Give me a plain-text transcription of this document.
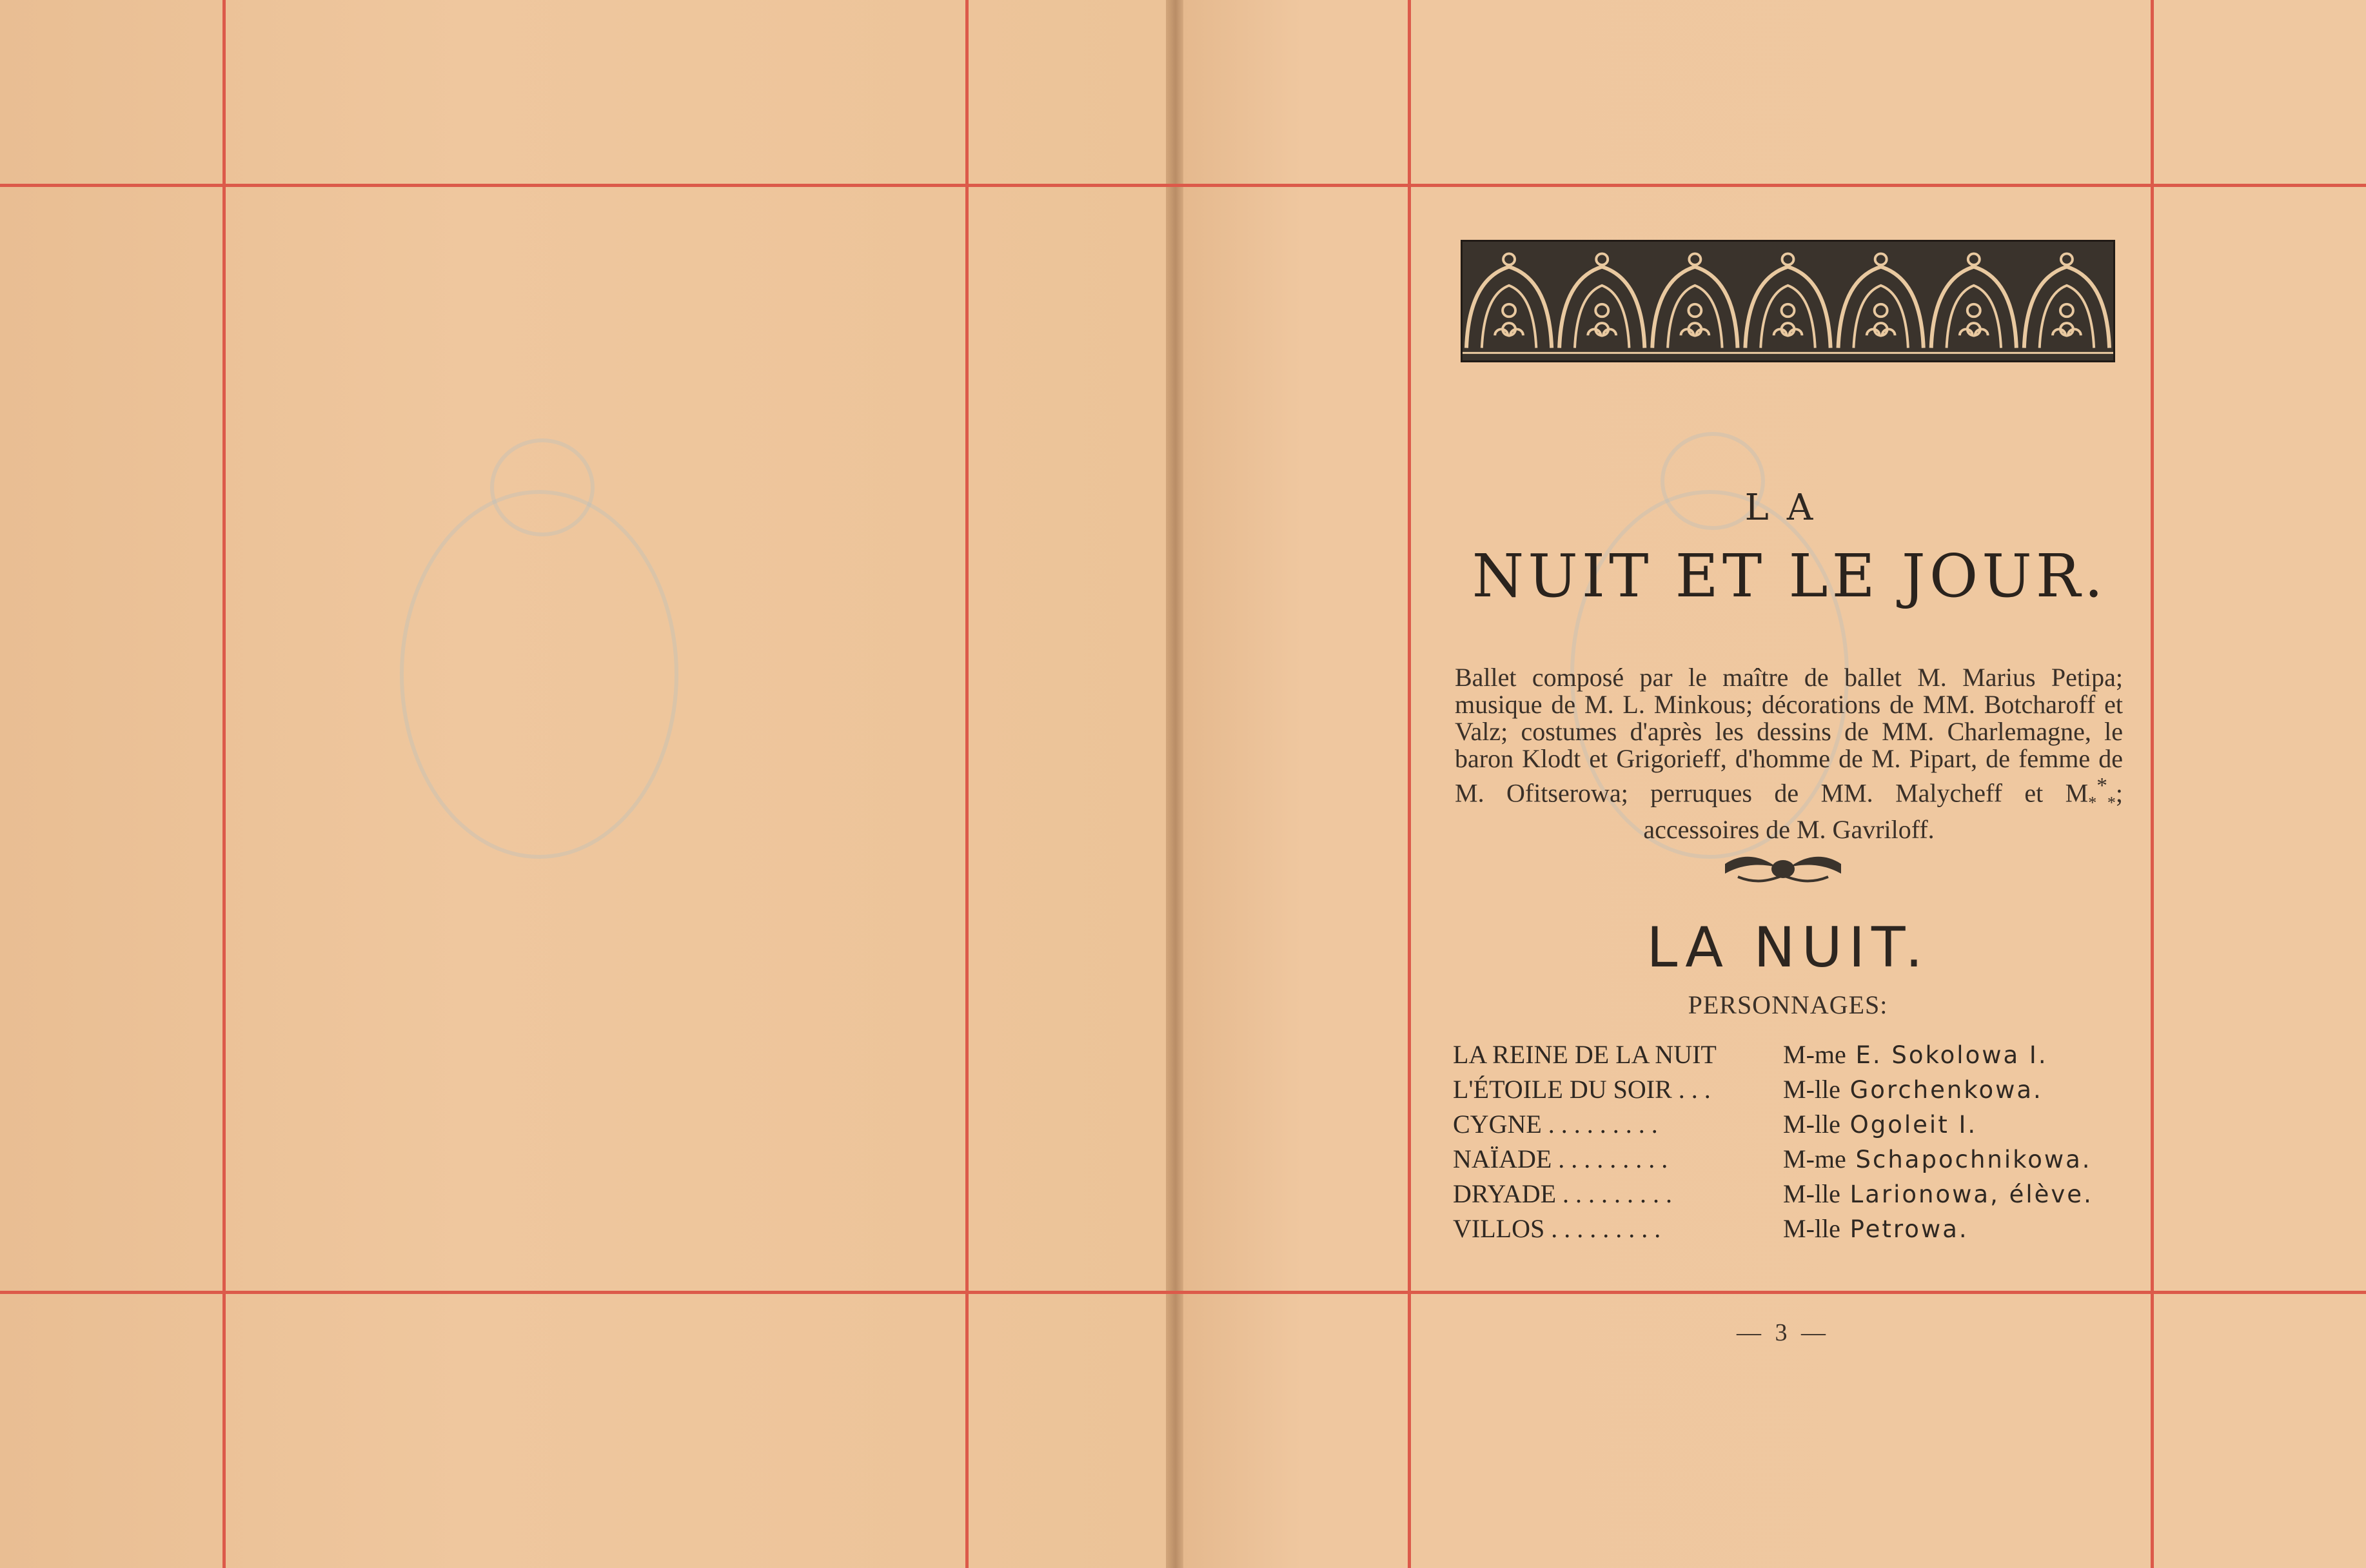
LA
NUIT ET LE JOUR.
Ballet composé par le maître de ballet M. Marius Petipa; musique de M. L. Minkous; décorations de MM. Botcharoff et Valz; costumes d'après les dessins de MM. Charlemagne, le baron Klodt et Grigorieff, d'homme de M. Pipart, de femme de M. Ofitserowa; perruques de MM. Malycheff et $M_*^*_*$; accessoires de M. Gavriloff.
LA NUIT.
PERSONNAGES:
LA REINE DE LA NUIT	M-me E. Sokolowa I.
L'ÉTOILE DU SOIR . . .	M-lle Gorchenkowa.
CYGNE . . . . . . . . .	M-lle Ogoleit I.
NAÏADE . . . . . . . . .	M-me Schapochnikowa.
DRYADE . . . . . . . . .	M-lle Larionowa, élève.
VILLOS . . . . . . . . .	M-lle Petrowa.
— 3 —
